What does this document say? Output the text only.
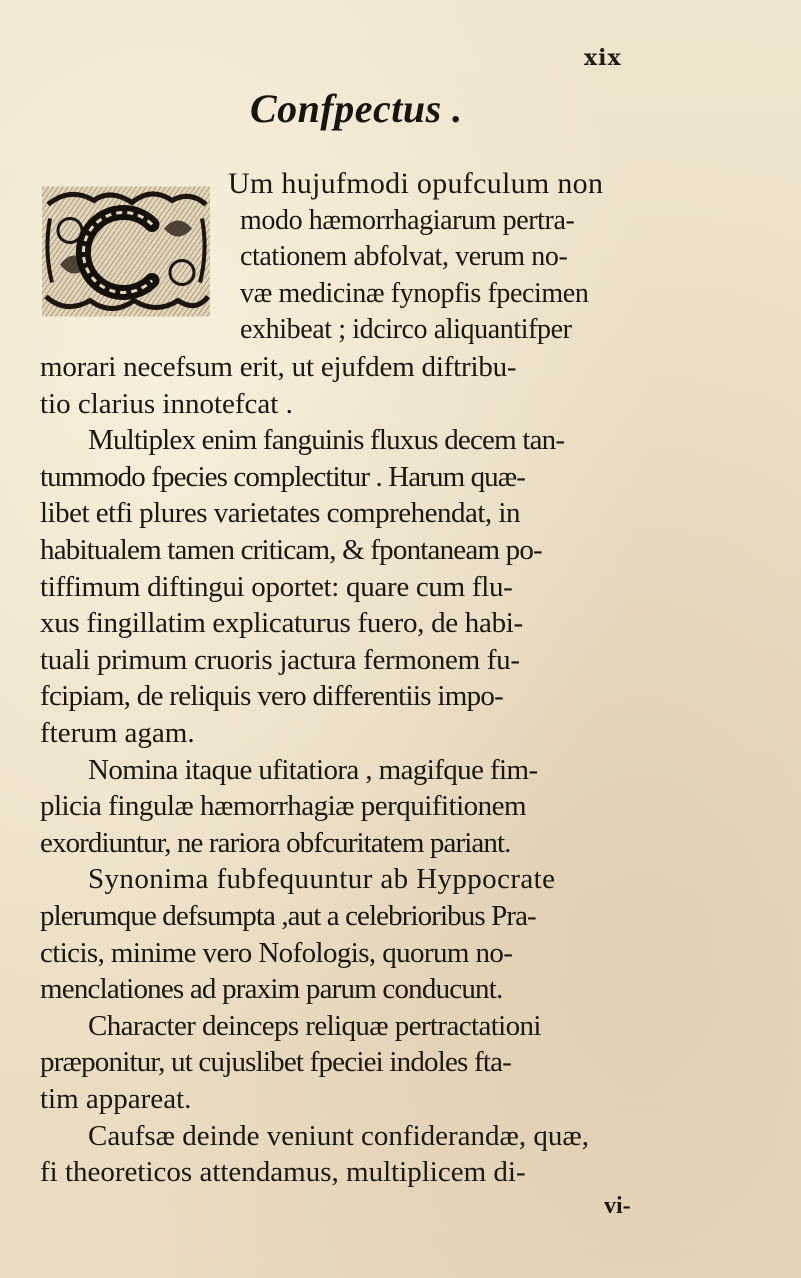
xix
Confpectus .
Um hujufmodi opufculum non
modo hæmorrhagiarum pertra-
ctationem abfolvat, verum no-
væ medicinæ fynopfis fpecimen
exhibeat ; idcirco aliquantifper
morari necefsum erit, ut ejufdem diftribu-
tio clarius innotefcat .
Multiplex enim fanguinis fluxus decem tan-
tummodo fpecies complectitur . Harum quæ-
libet etfi plures varietates comprehendat, in
habitualem tamen criticam, & fpontaneam po-
tiffimum diftingui oportet: quare cum flu-
xus fingillatim explicaturus fuero, de habi-
tuali primum cruoris jactura fermonem fu-
fcipiam, de reliquis vero differentiis impo-
fterum agam.
Nomina itaque ufitatiora , magifque fim-
plicia fingulæ hæmorrhagiæ perquifitionem
exordiuntur, ne rariora obfcuritatem pariant.
Synonima fubfequuntur ab Hyppocrate
plerumque defsumpta ,aut a celebrioribus Pra-
cticis, minime vero Nofologis, quorum no-
menclationes ad praxim parum conducunt.
Character deinceps reliquæ pertractationi
præponitur, ut cujuslibet fpeciei indoles fta-
tim appareat.
Caufsæ deinde veniunt confiderandæ, quæ,
fi theoreticos attendamus, multiplicem di-
vi-
